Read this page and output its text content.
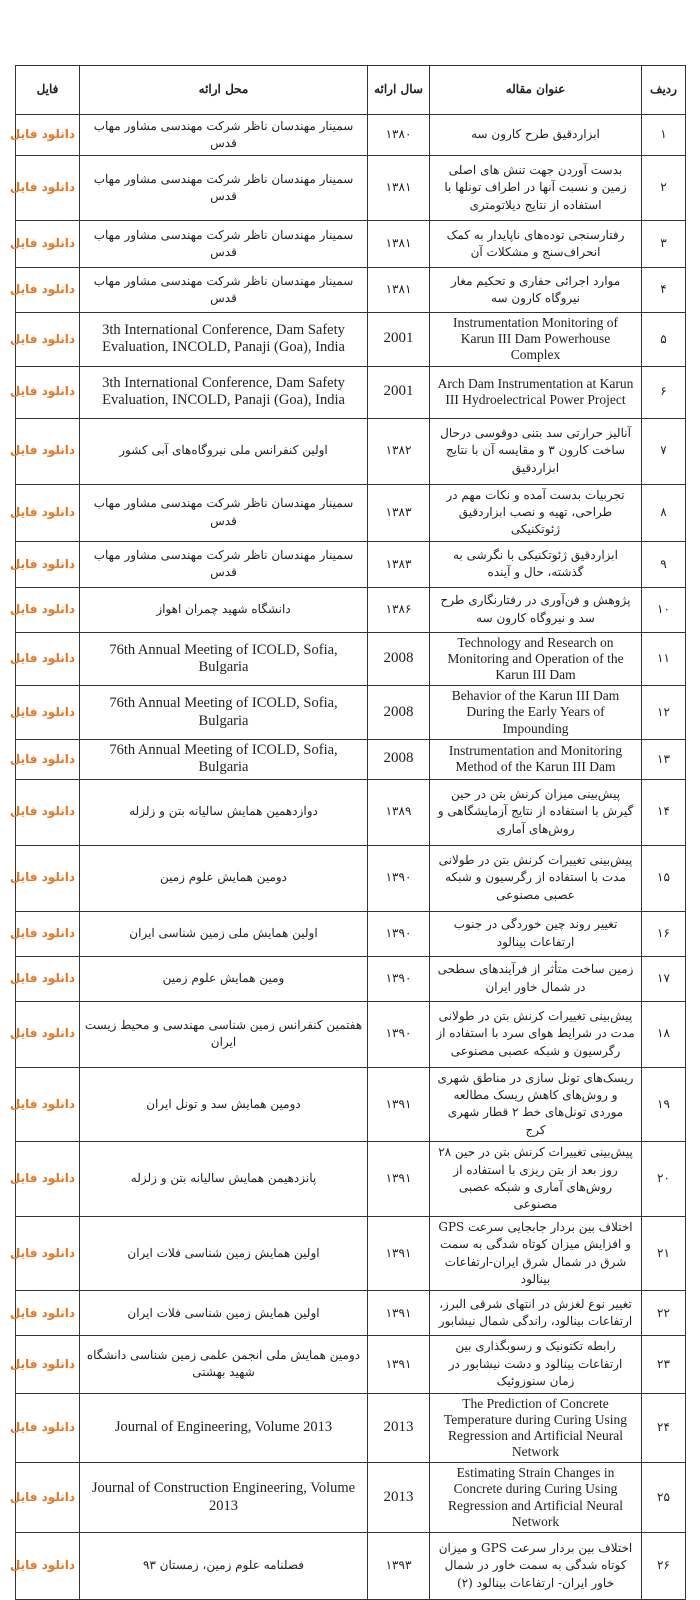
ردیف	عنوان مقاله	سال ارائه	محل ارائه	فایل
۱	ابزاردقیق طرح کارون سه	۱۳۸۰	سمینار مهندسان ناظر شرکت مهندسی مشاور مهاب قدس	دانلود فایل
۲	بدست آوردن جهت تنش های اصلی زمین و نسبت آنها در اطراف تونلها با استفاده از نتایج دیلاتومتری	۱۳۸۱	سمینار مهندسان ناظر شرکت مهندسی مشاور مهاب قدس	دانلود فایل
۳	رفتارسنجی توده‌های ناپایدار به کمک انحراف‌سنج و مشکلات آن	۱۳۸۱	سمینار مهندسان ناظر شرکت مهندسی مشاور مهاب قدس	دانلود فایل
۴	موارد اجرائی حفاری و تحکیم مغار نیروگاه کارون سه	۱۳۸۱	سمینار مهندسان ناظر شرکت مهندسی مشاور مهاب قدس	دانلود فایل
۵	Instrumentation Monitoring of Karun III Dam Powerhouse Complex	2001	3th International Conference, Dam Safety Evaluation, INCOLD, Panaji (Goa), India	دانلود فایل
۶	Arch Dam Instrumentation at Karun III Hydroelectrical Power Project	2001	3th International Conference, Dam Safety Evaluation, INCOLD, Panaji (Goa), India	دانلود فایل
۷	آنالیز حرارتی سد بتنی دوقوسی درحال ساخت کارون ۳ و مقایسه آن با نتایج ابزاردقیق	۱۳۸۲	اولین کنفرانس ملی نیروگاه‌های آبی کشور	دانلود فایل
۸	تجربیات بدست آمده و نکات مهم در طراحی، تهیه و نصب ابزاردقیق ژئوتکنیکی	۱۳۸۳	سمینار مهندسان ناظر شرکت مهندسی مشاور مهاب قدس	دانلود فایل
۹	ابزاردقیق ژئوتکنیکی با نگرشی به گذشته، حال و آینده	۱۳۸۳	سمینار مهندسان ناظر شرکت مهندسی مشاور مهاب قدس	دانلود فایل
۱۰	پژوهش و فن‌آوری در رفتارنگاری طرح سد و نیروگاه کارون سه	۱۳۸۶	دانشگاه شهید چمران اهواز	دانلود فایل
۱۱	Technology and Research on Monitoring and Operation of the Karun III Dam	2008	76th Annual Meeting of ICOLD, Sofia, Bulgaria	دانلود فایل
۱۲	Behavior of the Karun III Dam During the Early Years of Impounding	2008	76th Annual Meeting of ICOLD, Sofia, Bulgaria	دانلود فایل
۱۳	Instrumentation and Monitoring Method of the Karun III Dam	2008	76th Annual Meeting of ICOLD, Sofia, Bulgaria	دانلود فایل
۱۴	پیش‌بینی میزان کرنش بتن در حین گیرش با استفاده از نتایج آزمایشگاهی و روش‌های آماری	۱۳۸۹	دوازدهمین همایش سالیانه بتن و زلزله	دانلود فایل
۱۵	پیش‌بینی تغییرات کرنش بتن در طولانی مدت با استفاده از رگرسیون و شبکه عصبی مصنوعی	۱۳۹۰	دومین همایش علوم زمین	دانلود فایل
۱۶	تغییر روند چین خوردگی در جنوب ارتفاعات بینالود	۱۳۹۰	اولین همایش ملی زمین شناسی ایران	دانلود فایل
۱۷	زمین ساخت متأثر از فرآیندهای سطحی در شمال خاور ایران	۱۳۹۰	ومین همایش علوم زمین	دانلود فایل
۱۸	پیش‌بینی تغییرات کرنش بتن در طولانی مدت در شرایط هوای سرد با استفاده از رگرسیون و شبکه عصبی مصنوعی	۱۳۹۰	هفتمین کنفرانس زمین شناسی مهندسی و محیط زیست ایران	دانلود فایل
۱۹	ریسک‌های تونل سازی در مناطق شهری و روش‌های کاهش ریسک مطالعه موردی تونل‌های خط ۲ قطار شهری کرج	۱۳۹۱	دومین همایش سد و تونل ایران	دانلود فایل
۲۰	پیش‌بینی تغییرات کرنش بتن در حین ۲۸ روز بعد از بتن ریزی با استفاده از روش‌های آماری و شبکه عصبی مصنوعی	۱۳۹۱	پانزدهیمن همایش سالیانه بتن و زلزله	دانلود فایل
۲۱	اختلاف بین بردار جابجایی سرعت GPS و افزایش میزان کوتاه شدگی به سمت شرق در شمال شرق ایران-ارتفاعات بینالود	۱۳۹۱	اولین همایش زمین شناسی فلات ایران	دانلود فایل
۲۲	تغییر نوع لغزش در انتهای شرقی البرز، ارتفاعات بینالود، راندگی شمال نیشابور	۱۳۹۱	اولین همایش زمین شناسی فلات ایران	دانلود فایل
۲۳	رابطه تکتونیک و رسوبگذاری بین ارتفاعات بینالود و دشت نیشابور در زمان سنوزوئیک	۱۳۹۱	دومین همایش ملی انجمن علمی زمین شناسی دانشگاه شهید بهشتی	دانلود فایل
۲۴	The Prediction of Concrete Temperature during Curing Using Regression and Artificial Neural Network	2013	Journal of Engineering, Volume 2013	دانلود فایل
۲۵	Estimating Strain Changes in Concrete during Curing Using Regression and Artificial Neural Network	2013	Journal of Construction Engineering, Volume 2013	دانلود فایل
۲۶	اختلاف بین بردار سرعت GPS و میزان کوتاه شدگی به سمت خاور در شمال خاور ایران- ارتفاعات بینالود (۲)	۱۳۹۳	فصلنامه علوم زمین، زمستان ۹۳	دانلود فایل
